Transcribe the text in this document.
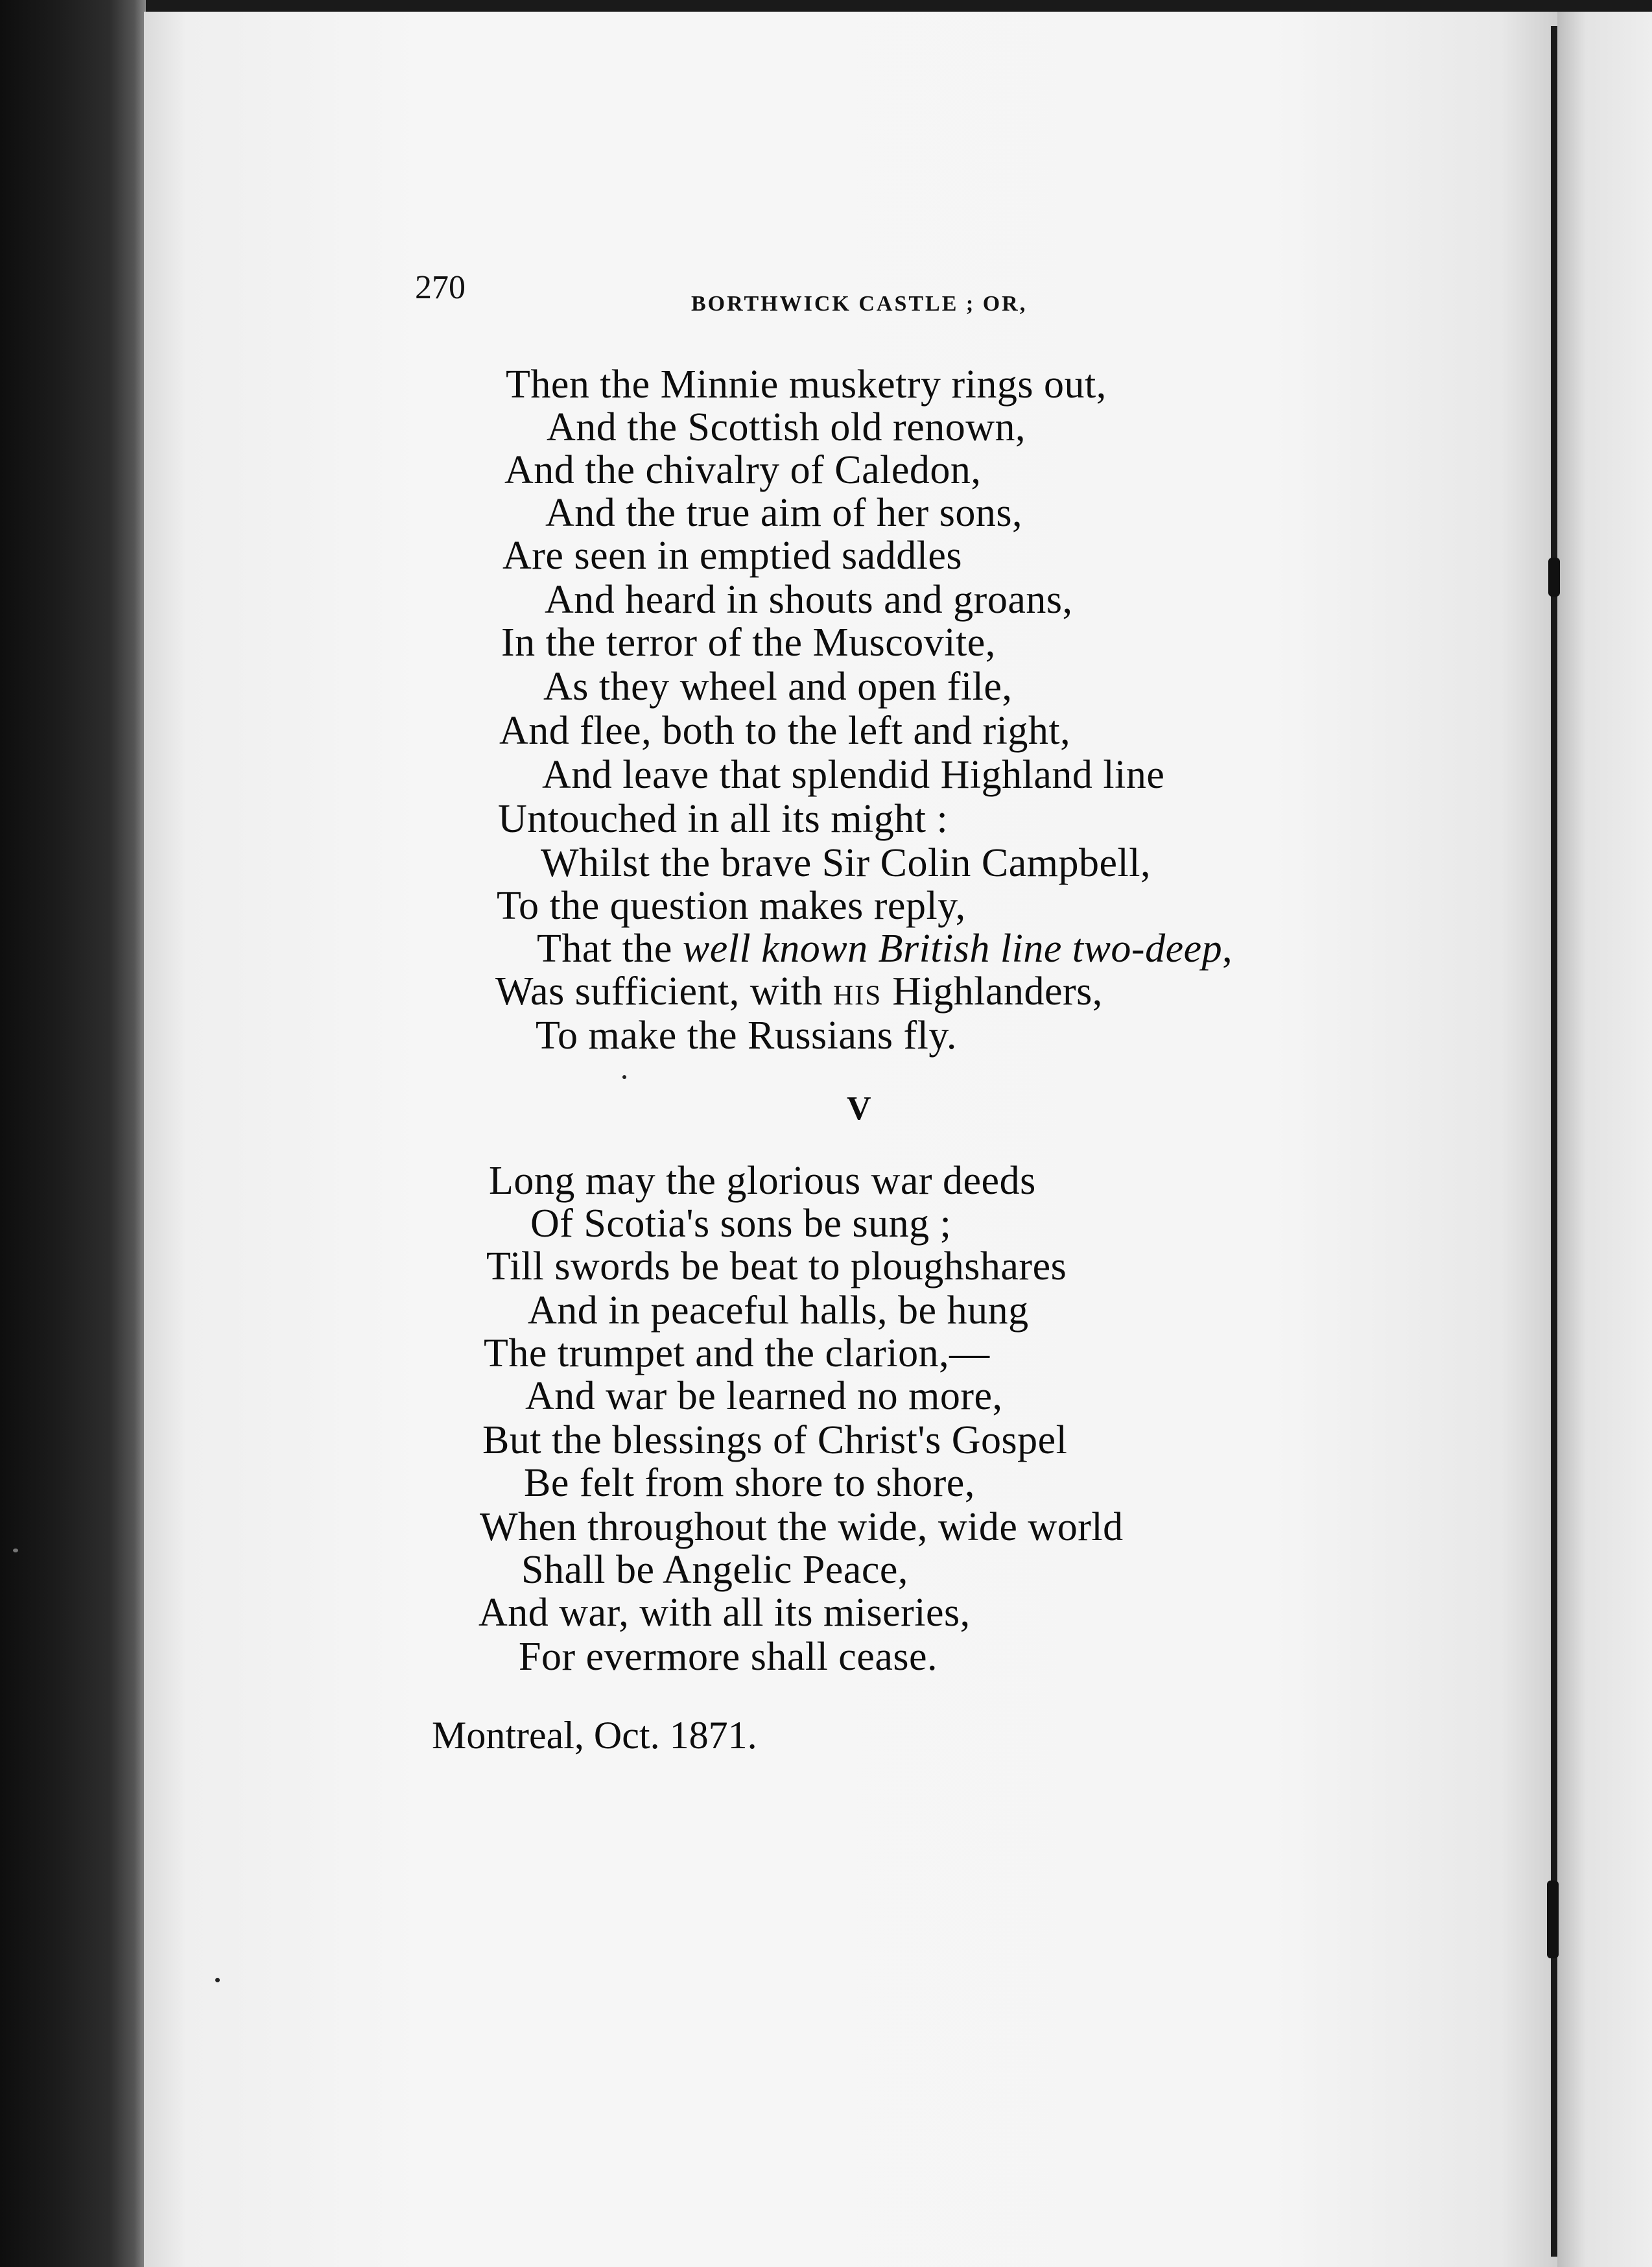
270	BORTHWICK CASTLE ; OR,
Then the Minnie musketry rings out,
And the Scottish old renown,
And the chivalry of Caledon,
And the true aim of her sons,
Are seen in emptied saddles
And heard in shouts and groans,
In the terror of the Muscovite,
As they wheel and open file,
And flee, both to the left and right,
And leave that splendid Highland line
Untouched in all its might :
Whilst the brave Sir Colin Campbell,
To the question makes reply,
That the well known British line two-deep,
Was sufficient, with his Highlanders,
To make the Russians fly.
V
Long may the glorious war deeds
Of Scotia's sons be sung ;
Till swords be beat to ploughshares
And in peaceful halls, be hung
The trumpet and the clarion,—
And war be learned no more,
But the blessings of Christ's Gospel
Be felt from shore to shore,
When throughout the wide, wide world
Shall be Angelic Peace,
And war, with all its miseries,
For evermore shall cease.
Montreal, Oct. 1871.
